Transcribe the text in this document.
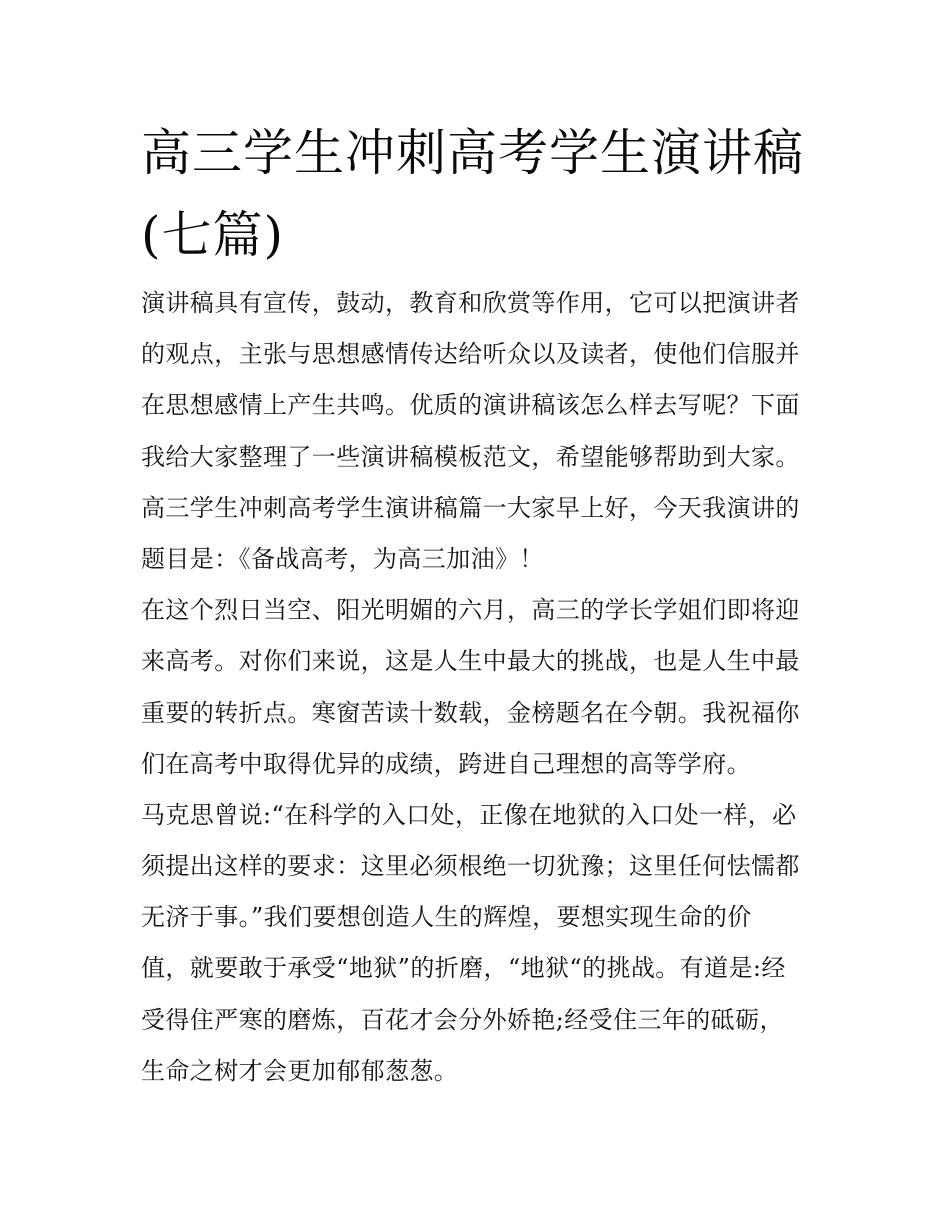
高三学生冲刺高考学生演讲稿
(七篇)
演讲稿具有宣传，鼓动，教育和欣赏等作用，它可以把演讲者
的观点，主张与思想感情传达给听众以及读者，使他们信服并
在思想感情上产生共鸣。优质的演讲稿该怎么样去写呢？下面
我给大家整理了一些演讲稿模板范文，希望能够帮助到大家。
高三学生冲刺高考学生演讲稿篇一大家早上好，今天我演讲的
题目是：《备战高考，为高三加油》！
在这个烈日当空、阳光明媚的六月，高三的学长学姐们即将迎
来高考。对你们来说，这是人生中最大的挑战，也是人生中最
重要的转折点。寒窗苦读十数载，金榜题名在今朝。我祝福你
们在高考中取得优异的成绩，跨进自己理想的高等学府。
马克思曾说:“在科学的入口处，正像在地狱的入口处一样，必
须提出这样的要求：这里必须根绝一切犹豫；这里任何怯懦都
无济于事。”我们要想创造人生的辉煌，要想实现生命的价
值，就要敢于承受“地狱”的折磨，“地狱“的挑战。有道是:经
受得住严寒的磨炼，百花才会分外娇艳;经受住三年的砥砺，
生命之树才会更加郁郁葱葱。
